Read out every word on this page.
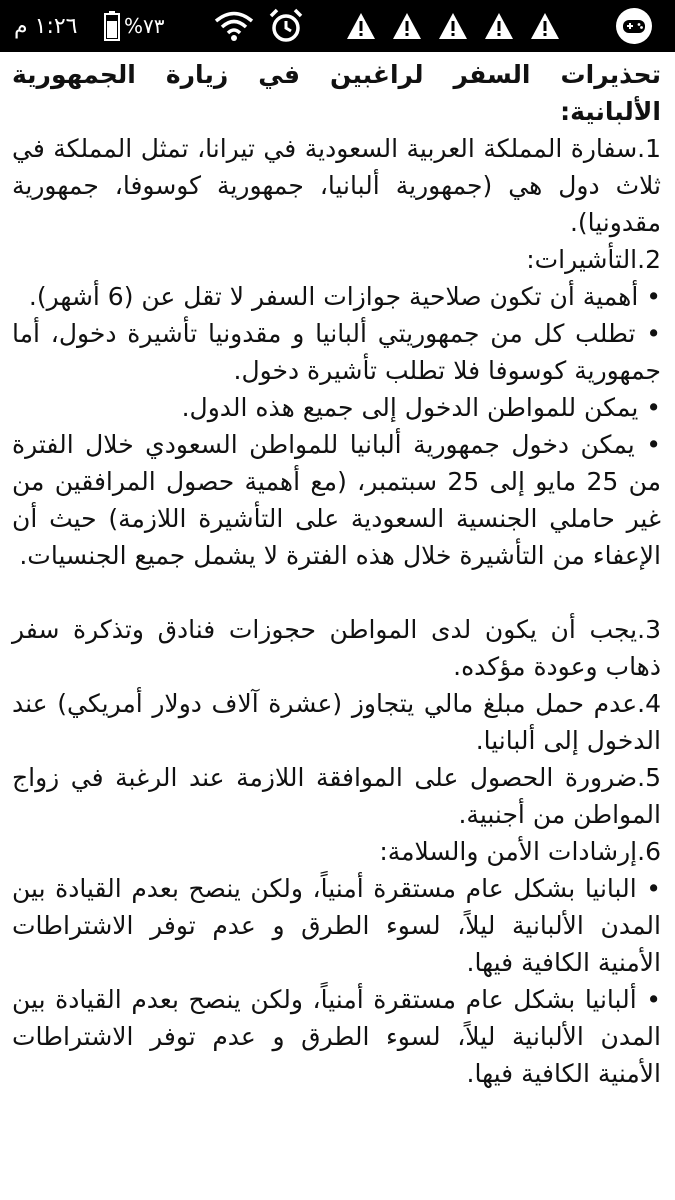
١:٢٦ م %٧٣
تحذيرات السفر لراغبين في زيارة الجمهورية الألبانية:
1.سفارة المملكة العربية السعودية في تيرانا، تمثل المملكة في ثلاث دول هي (جمهورية ألبانيا، جمهورية كوسوفا، جمهورية مقدونيا).
2.التأشيرات:
• أهمية أن تكون صلاحية جوازات السفر لا تقل عن (6 أشهر).
• تطلب كل من جمهوريتي ألبانيا و مقدونيا تأشيرة دخول، أما جمهورية كوسوفا فلا تطلب تأشيرة دخول.
• يمكن للمواطن الدخول إلى جميع هذه الدول.
• يمكن دخول جمهورية ألبانيا للمواطن السعودي خلال الفترة من 25 مايو إلى 25 سبتمبر، (مع أهمية حصول المرافقين من غير حاملي الجنسية السعودية على التأشيرة اللازمة) حيث أن الإعفاء من التأشيرة خلال هذه الفترة لا يشمل جميع الجنسيات.
3.يجب أن يكون لدى المواطن حجوزات فنادق وتذكرة سفر ذهاب وعودة مؤكده.
4.عدم حمل مبلغ مالي يتجاوز (عشرة آلاف دولار أمريكي) عند الدخول إلى ألبانيا.
5.ضرورة الحصول على الموافقة اللازمة عند الرغبة في زواج المواطن من أجنبية.
6.إرشادات الأمن والسلامة:
• البانيا بشكل عام مستقرة أمنياً، ولكن ينصح بعدم القيادة بين المدن الألبانية ليلاً، لسوء الطرق و عدم توفر الاشتراطات الأمنية الكافية فيها.
• ألبانيا بشكل عام مستقرة أمنياً، ولكن ينصح بعدم القيادة بين المدن الألبانية ليلاً، لسوء الطرق و عدم توفر الاشتراطات الأمنية الكافية فيها.
